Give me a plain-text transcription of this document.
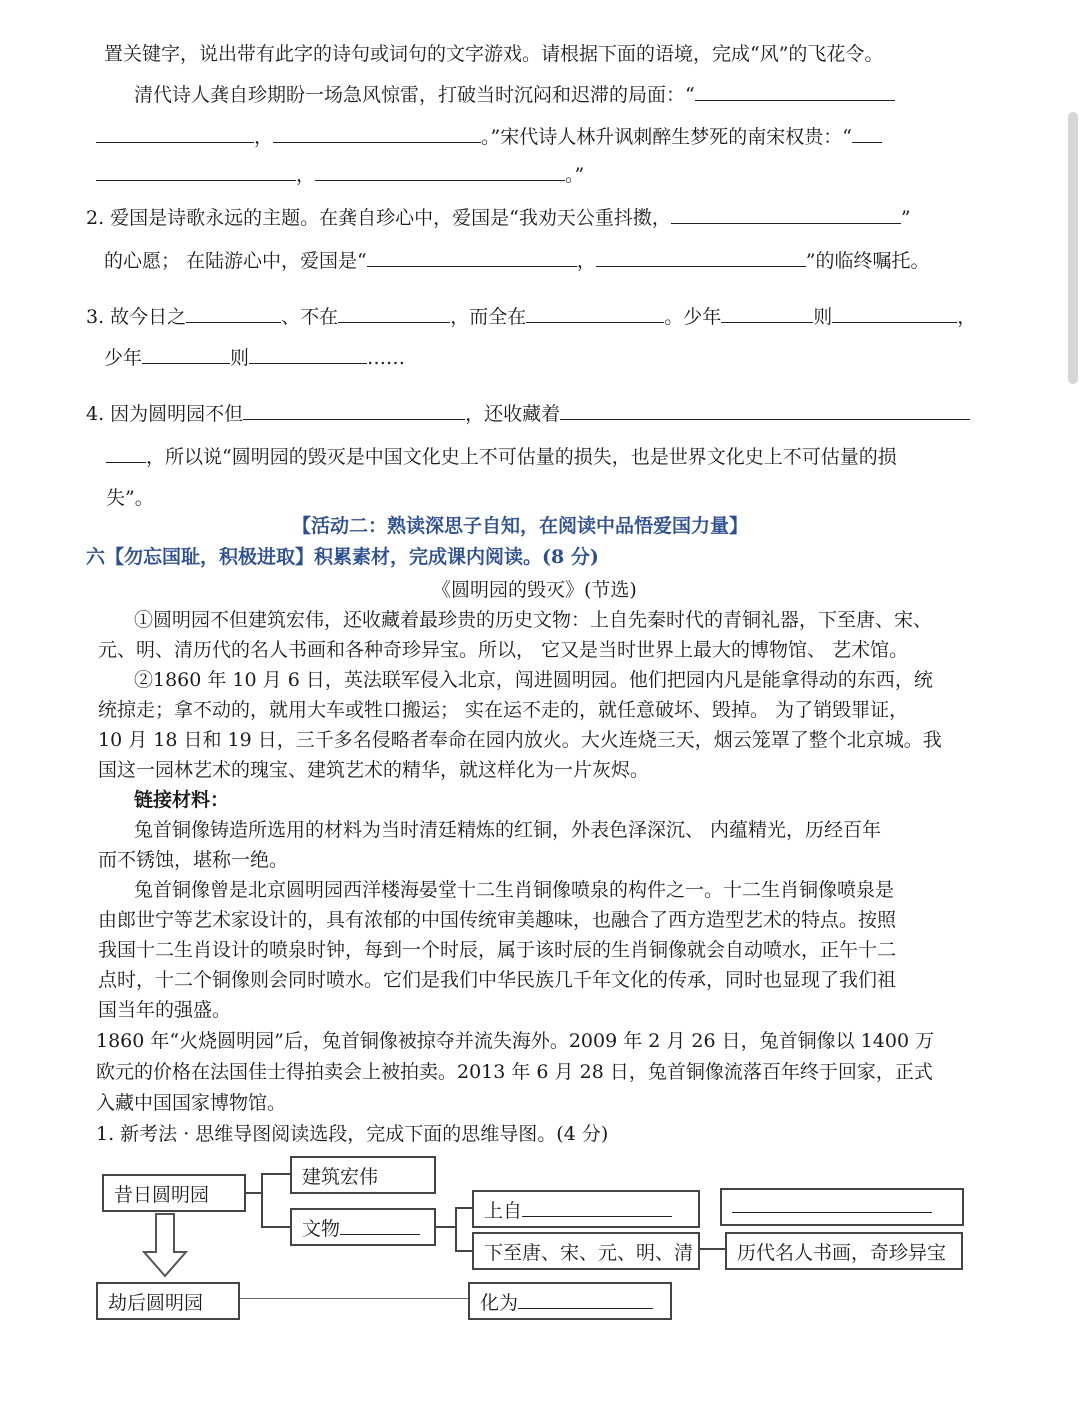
置关键字，说出带有此字的诗句或词句的文字游戏。请根据下面的语境，完成“风”的飞花令。
清代诗人龚自珍期盼一场急风惊雷，打破当时沉闷和迟滞的局面：“
，	。”宋代诗人林升讽刺醉生梦死的南宋权贵：“
，	。”
2. 爱国是诗歌永远的主题。在龚自珍心中，爱国是“我劝天公重抖擞，	”
的心愿； 在陆游心中，爱国是“	，	”的临终嘱托。
3. 故今日之	、不在	，而全在	。少年	则	，
少年	则	……
4. 因为圆明园不但	，还收藏着
，所以说“圆明园的毁灭是中国文化史上不可估量的损失，也是世界文化史上不可估量的损
失”。
【活动二：熟读深思子自知，在阅读中品悟爱国力量】
六【勿忘国耻，积极进取】积累素材，完成课内阅读。(8 分)
《圆明园的毁灭》(节选)
①圆明园不但建筑宏伟，还收藏着最珍贵的历史文物：上自先秦时代的青铜礼器，下至唐、宋、
元、明、清历代的名人书画和各种奇珍异宝。所以， 它又是当时世界上最大的博物馆、 艺术馆。
②1860 年 10 月 6 日，英法联军侵入北京，闯进圆明园。他们把园内凡是能拿得动的东西，统
统掠走；拿不动的，就用大车或牲口搬运； 实在运不走的，就任意破坏、毁掉。 为了销毁罪证，
10 月 18 日和 19 日，三千多名侵略者奉命在园内放火。大火连烧三天，烟云笼罩了整个北京城。我
国这一园林艺术的瑰宝、建筑艺术的精华，就这样化为一片灰烬。
链接材料：
兔首铜像铸造所选用的材料为当时清廷精炼的红铜，外表色泽深沉、 内蕴精光，历经百年
而不锈蚀，堪称一绝。
兔首铜像曾是北京圆明园西洋楼海晏堂十二生肖铜像喷泉的构件之一。十二生肖铜像喷泉是
由郎世宁等艺术家设计的，具有浓郁的中国传统审美趣味，也融合了西方造型艺术的特点。按照
我国十二生肖设计的喷泉时钟，每到一个时辰，属于该时辰的生肖铜像就会自动喷水，正午十二
点时，十二个铜像则会同时喷水。它们是我们中华民族几千年文化的传承，同时也显现了我们祖
国当年的强盛。
1860 年“火烧圆明园”后，兔首铜像被掠夺并流失海外。2009 年 2 月 26 日，兔首铜像以 1400 万
欧元的价格在法国佳士得拍卖会上被拍卖。2013 年 6 月 28 日，兔首铜像流落百年终于回家，正式
入藏中国国家博物馆。
1. 新考法 · 思维导图阅读选段，完成下面的思维导图。(4 分)
昔日圆明园
建筑宏伟
文物
上自
下至唐、宋、元、明、清 历代名人书画，奇珍异宝
劫后圆明园	化为
